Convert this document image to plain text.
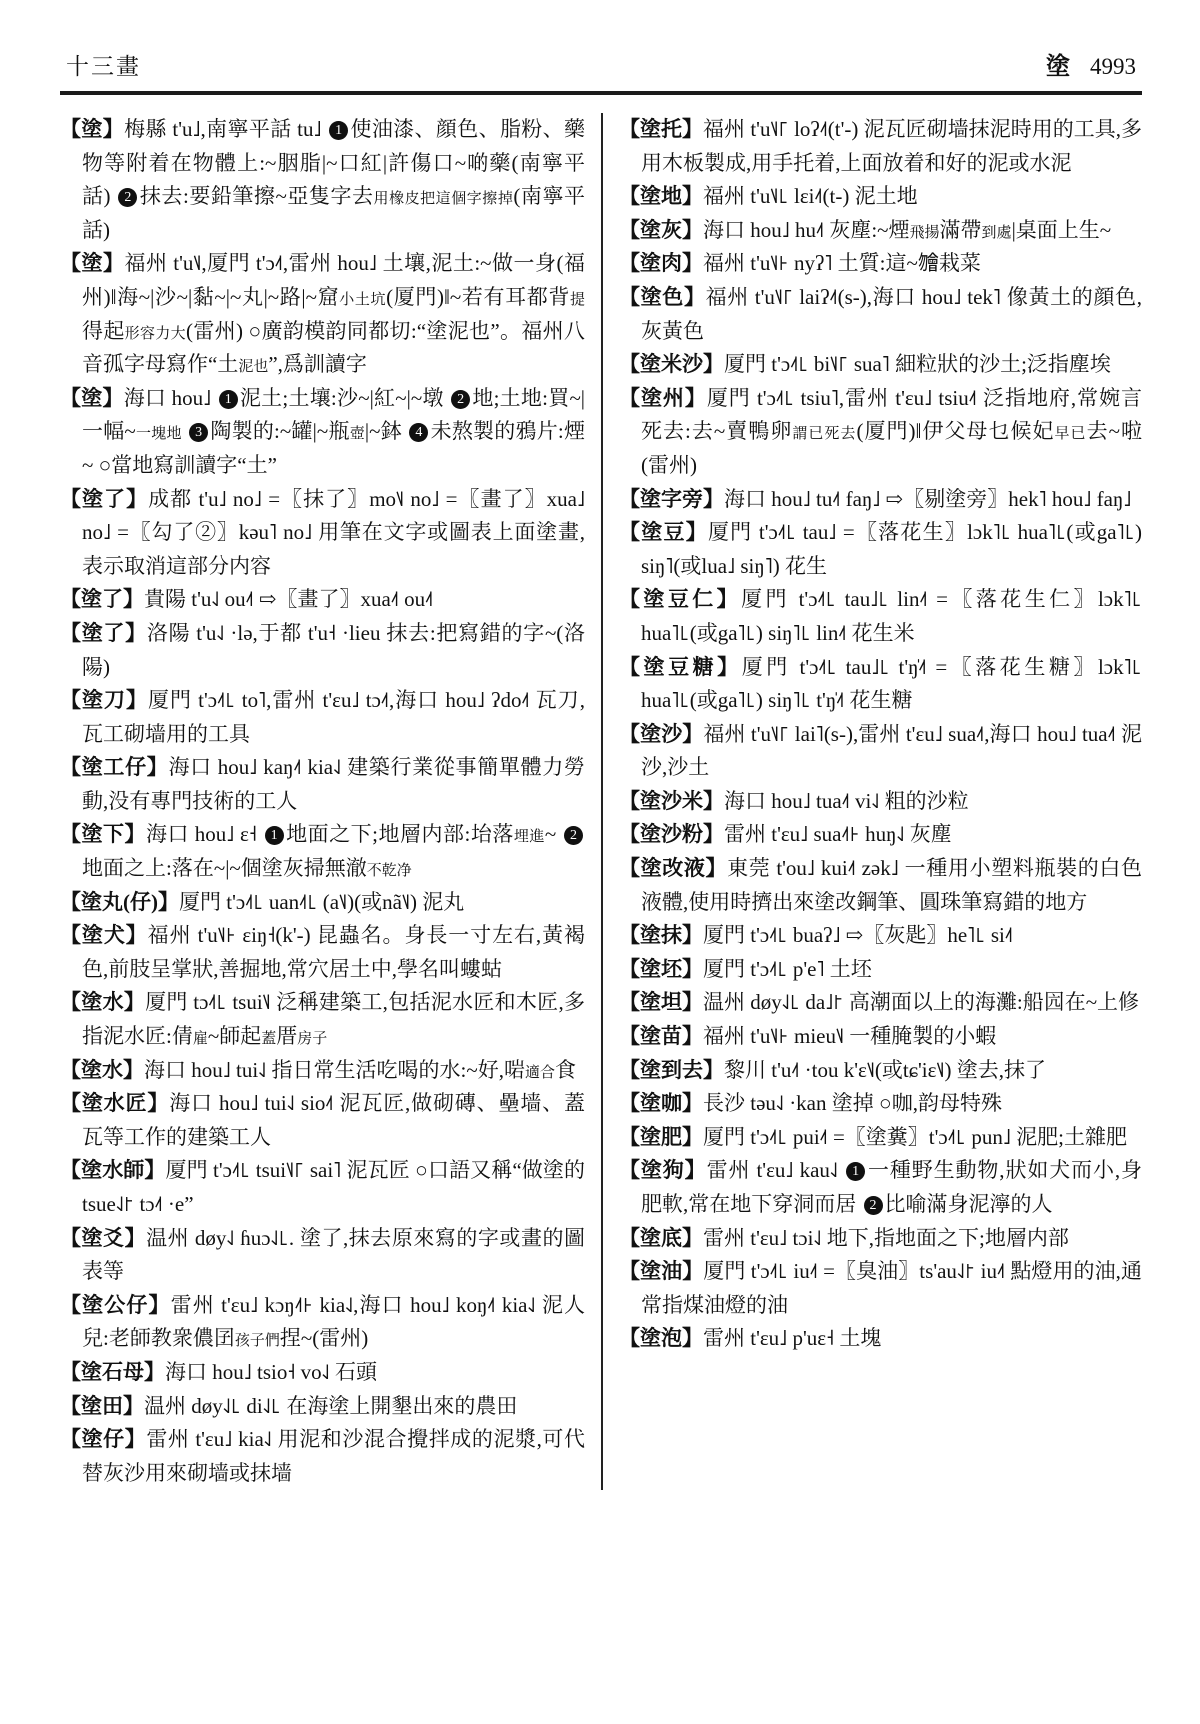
十三畫	塗 4993

【塗】梅縣 t'u˩,南寧平話 tu˩ 1 使油漆、顔色、脂粉、藥物等附着在物體上:~胭脂|~口紅|許傷口~啲藥(南寧平話) 2 抹去:要鉛筆擦~亞隻字去用橡皮把這個字擦掉(南寧平話)

【塗】福州 t'u˥˩,厦門 t'ɔ˨˦,雷州 hou˩ 土壤,泥土:~做一身(福州)‖海~|沙~|黏~|~丸|~路|~窟小土坑(厦門)‖~若有耳都背提得起形容力大(雷州) ○廣韵模韵同都切:“塗泥也”。福州八音孤字母寫作“土泥也”,爲訓讀字

【塗】海口 hou˩ 1 泥土;土壤:沙~|紅~|~墩 2 地;土地:買~|一幅~一塊地 3 陶製的:~罐|~瓶壺|~鉢 4 未熬製的鴉片:煙~ ○當地寫訓讀字“土”

【塗了】成都 t'u˩ no˩ =〖抹了〗mo˥˩ no˩ =〖畫了〗xua˩ no˩ =〖勾了②〗kəu˥ no˩ 用筆在文字或圖表上面塗畫,表示取消這部分内容

【塗了】貴陽 t'u˨˩ ou˨˦ ⇨〖畫了〗xua˨˦ ou˨˦

【塗了】洛陽 t'u˨˩ ·lə,于都 t'u˧ ·lieu 抹去:把寫錯的字~(洛陽)

【塗刀】厦門 t'ɔ˨˦꜖ to˥,雷州 t'ɛu˩ tɔ˨˦,海口 hou˩ ʔdo˨˦ 瓦刀,瓦工砌墙用的工具

【塗工仔】海口 hou˩ kaŋ˨˦ kia˨˩ 建築行業從事簡單體力勞動,没有專門技術的工人

【塗下】海口 hou˩ ɛ˧ 1 地面之下;地層内部:坮落埋進~ 2地面之上:落在~|~個塗灰掃無澈不乾净

【塗丸(仔)】厦門 t'ɔ˨˦꜖ uan˨˦꜖ (a˥˩)(或nã˥˩) 泥丸

【塗犬】福州 t'u˥˩꜔ ɛiŋ˧(k'-) 昆蟲名。身長一寸左右,黃褐色,前肢呈掌狀,善掘地,常穴居土中,學名叫螻蛄

【塗水】厦門 tɔ˨˦꜖ tsui˥˩ 泛稱建築工,包括泥水匠和木匠,多指泥水匠:倩雇~師起蓋厝房子

【塗水】海口 hou˩ tui˨˩ 指日常生活吃喝的水:~好,啱適合食

【塗水匠】海口 hou˩ tui˨˩ sio˨˦ 泥瓦匠,做砌磚、壘墙、蓋瓦等工作的建築工人

【塗水師】厦門 t'ɔ˨˦꜖ tsui˥˩꜒ sai˥ 泥瓦匠 ○口語又稱“做塗的 tsue˨˩꜓ tɔ˨˦ ·e”

【塗爻】温州 døy˨˩ ɦuɔ˨˩꜖. 塗了,抹去原來寫的字或畫的圖表等

【塗公仔】雷州 t'ɛu˩ kɔŋ˨˦꜔ kia˨˩,海口 hou˩ koŋ˨˦ kia˨˩ 泥人兒:老師教衆儂囝孩子們捏~(雷州)

【塗石母】海口 hou˩ tsio˧ vo˨˩ 石頭

【塗田】温州 døy˨˩꜖ di˨˩꜖ 在海塗上開墾出來的農田

【塗仔】雷州 t'ɛu˩ kia˨˩ 用泥和沙混合攪拌成的泥漿,可代替灰沙用來砌墙或抹墙

【塗托】福州 t'u˥˩꜒ loʔ˨˦(t'-) 泥瓦匠砌墙抹泥時用的工具,多用木板製成,用手托着,上面放着和好的泥或水泥

【塗地】福州 t'u˥˩꜖ lɛi˨˦(t-) 泥土地

【塗灰】海口 hou˩ hu˨˦ 灰塵:~煙飛揚滿帶到處|桌面上生~

【塗肉】福州 t'u˥˩꜔ nyʔ˥ 土質:這~𣍐栽菜

【塗色】福州 t'u˥˩꜒ laiʔ˨˦(s-),海口 hou˩ tek˥ 像黃土的顔色,灰黃色

【塗米沙】厦門 t'ɔ˨˦꜖ bi˥˩꜒ sua˥ 細粒狀的沙土;泛指塵埃

【塗州】厦門 t'ɔ˨˦꜖ tsiu˥,雷州 t'ɛu˩ tsiu˨˦ 泛指地府,常婉言死去:去~賣鴨卵謂已死去(厦門)‖伊父母乜候妃早已去~啦(雷州)

【塗字旁】海口 hou˩ tu˨˦ faŋ˩ ⇨〖剔塗旁〗hek˥ hou˩ faŋ˩

【塗豆】厦門 t'ɔ˨˦꜖ tau˩ =〖落花生〗lɔk˥꜖ hua˥꜖(或ga˥꜖) siŋ˥(或lua˩ siŋ˥) 花生

【塗豆仁】厦門 t'ɔ˨˦꜖ tau˩꜖ lin˨˦ =〖落花生仁〗lɔk˥꜖ hua˥꜖(或ga˥꜖) siŋ˥꜖ lin˨˦ 花生米

【塗豆糖】厦門 t'ɔ˨˦꜖ tau˩꜖ t'ŋ̍˨˦ =〖落花生糖〗lɔk˥꜖ hua˥꜖(或ga˥꜖) siŋ˥꜖ t'ŋ̍˨˦ 花生糖

【塗沙】福州 t'u˥˩꜒ lai˥(s-),雷州 t'ɛu˩ sua˨˦,海口 hou˩ tua˨˦ 泥沙,沙土

【塗沙米】海口 hou˩ tua˨˦ vi˨˩ 粗的沙粒

【塗沙粉】雷州 t'ɛu˩ sua˨˦꜔ huŋ˨˩ 灰塵

【塗改液】東莞 t'ou˩ kui˨˦ zək˩ 一種用小塑料瓶裝的白色液體,使用時擠出來塗改鋼筆、圓珠筆寫錯的地方

【塗抹】厦門 t'ɔ˨˦꜖ buaʔ˩ ⇨〖灰匙〗he˥꜖ si˨˦

【塗坯】厦門 t'ɔ˨˦꜖ p'e˥ 土坯

【塗坦】温州 døy˨˩꜖ da˩꜓ 高潮面以上的海灘:船囥在~上修

【塗苗】福州 t'u˥˩꜔ mieu˥˩ 一種腌製的小蝦

【塗到去】黎川 t'u˨˦ ·tou k'ɛ˥˩(或tɕ'iɛ˥˩) 塗去,抹了

【塗咖】長沙 təu˨˩ ·kan 塗掉 ○咖,韵母特殊

【塗肥】厦門 t'ɔ˨˦꜖ pui˨˦ =〖塗糞〗t'ɔ˨˦꜖ pun˩ 泥肥;土雜肥

【塗狗】雷州 t'ɛu˩ kau˨˩ 1 一種野生動物,狀如犬而小,身肥軟,常在地下穿洞而居 2 比喻滿身泥濘的人

【塗底】雷州 t'ɛu˩ tɔi˨˩ 地下,指地面之下;地層内部

【塗油】厦門 t'ɔ˨˦꜖ iu˨˦ =〖臭油〗ts'au˨˩꜓ iu˨˦ 點燈用的油,通常指煤油燈的油

【塗泡】雷州 t'ɛu˩ p'uɛ˧ 土塊
